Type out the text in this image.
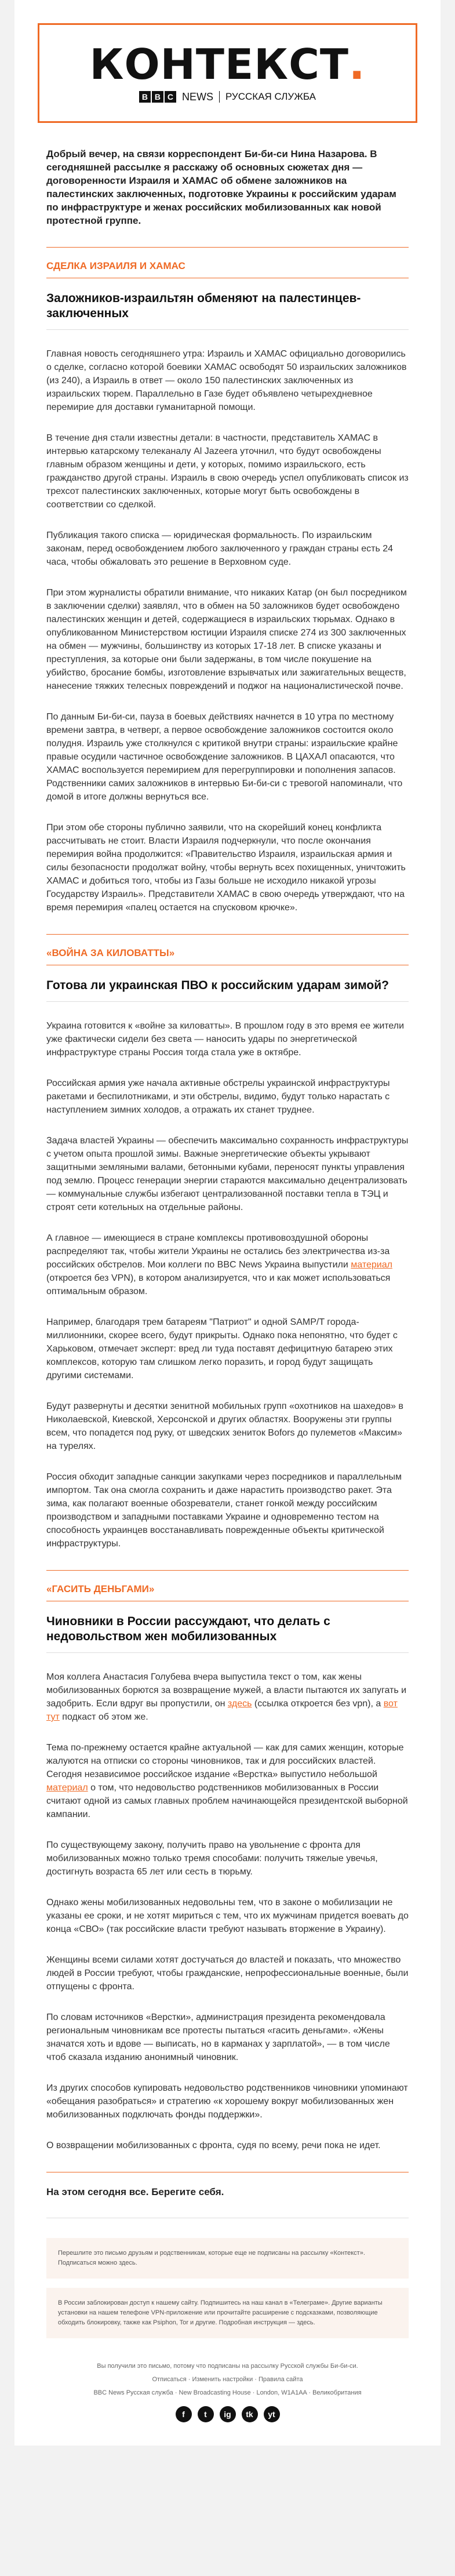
КОНТЕКСТ.
B B C NEWS РУССКАЯ СЛУЖБА

Добрый вечер, на связи корреспондент Би-би-си Нина Назарова. В сегодняшней рассылке я расскажу об основных сюжетах дня — договоренности Израиля и ХАМАС об обмене заложников на палестинских заключенных, подготовке Украины к российским ударам по инфраструктуре и женах российских мобилизованных как новой протестной группе.

СДЕЛКА ИЗРАИЛЯ И ХАМАС
Заложников-израильтян обменяют на палестинцев-заключенных

Главная новость сегодняшнего утра: Израиль и ХАМАС официально договорились о сделке, согласно которой боевики ХАМАС освободят 50 израильских заложников (из 240), а Израиль в ответ — около 150 палестинских заключенных из израильских тюрем. Параллельно в Газе будет объявлено четырехдневное перемирие для доставки гуманитарной помощи.

В течение дня стали известны детали: в частности, представитель ХАМАС в интервью катарскому телеканалу Al Jazeera уточнил, что будут освобождены главным образом женщины и дети, у которых, помимо израильского, есть гражданство другой страны. Израиль в свою очередь успел опубликовать список из трехсот палестинских заключенных, которые могут быть освобождены в соответствии со сделкой.

Публикация такого списка — юридическая формальность. По израильским законам, перед освобождением любого заключенного у граждан страны есть 24 часа, чтобы обжаловать это решение в Верховном суде.

При этом журналисты обратили внимание, что никаких Катар (он был посредником в заключении сделки) заявлял, что в обмен на 50 заложников будет освобождено палестинских женщин и детей, содержащиеся в израильских тюрьмах. Однако в опубликованном Министерством юстиции Израиля списке 274 из 300 заключенных на обмен — мужчины, большинству из которых 17-18 лет. В списке указаны и преступления, за которые они были задержаны, в том числе покушение на убийство, бросание бомбы, изготовление взрывчатых или зажигательных веществ, нанесение тяжких телесных повреждений и поджог на националистической почве.

По данным Би-би-си, пауза в боевых действиях начнется в 10 утра по местному времени завтра, в четверг, а первое освобождение заложников состоится около полудня. Израиль уже столкнулся с критикой внутри страны: израильские крайне правые осудили частичное освобождение заложников. В ЦАХАЛ опасаются, что ХАМАС воспользуется перемирием для перегруппировки и пополнения запасов. Родственники самих заложников в интервью Би-би-си с тревогой напоминали, что домой в итоге должны вернуться все.

При этом обе стороны публично заявили, что на скорейший конец конфликта рассчитывать не стоит. Власти Израиля подчеркнули, что после окончания перемирия война продолжится: «Правительство Израиля, израильская армия и силы безопасности продолжат войну, чтобы вернуть всех похищенных, уничтожить ХАМАС и добиться того, чтобы из Газы больше не исходило никакой угрозы Государству Израиль». Представители ХАМАС в свою очередь утверждают, что на время перемирия «палец остается на спусковом крючке».

«ВОЙНА ЗА КИЛОВАТТЫ»
Готова ли украинская ПВО к российским ударам зимой?

Украина готовится к «войне за киловатты». В прошлом году в это время ее жители уже фактически сидели без света — наносить удары по энергетической инфраструктуре страны Россия тогда стала уже в октябре.

Российская армия уже начала активные обстрелы украинской инфраструктуры ракетами и беспилотниками, и эти обстрелы, видимо, будут только нарастать с наступлением зимних холодов, а отражать их станет труднее.

Задача властей Украины — обеспечить максимально сохранность инфраструктуры с учетом опыта прошлой зимы. Важные энергетические объекты укрывают защитными земляными валами, бетонными кубами, переносят пункты управления под землю. Процесс генерации энергии стараются максимально децентрализовать — коммунальные службы избегают централизованной поставки тепла в ТЭЦ и строят сети котельных на отдельные районы.

А главное — имеющиеся в стране комплексы противовоздушной обороны распределяют так, чтобы жители Украины не остались без электричества из-за российских обстрелов. Мои коллеги по BBC News Украина выпустили материал (откроется без VPN), в котором анализируется, что и как может использоваться оптимальным образом.

Например, благодаря трем батареям "Патриот" и одной SAMP/T города-миллионники, скорее всего, будут прикрыты. Однако пока непонятно, что будет с Харьковом, отмечает эксперт: вред ли туда поставят дефицитную батарею этих комплексов, которую там слишком легко поразить, и город будут защищать другими системами.

Будут развернуты и десятки зенитной мобильных групп «охотников на шахедов» в Николаевской, Киевской, Херсонской и других областях. Вооружены эти группы всем, что попадется под руку, от шведских зениток Bofors до пулеметов «Максим» на турелях.

Россия обходит западные санкции закупками через посредников и параллельным импортом. Так она смогла сохранить и даже нарастить производство ракет. Эта зима, как полагают военные обозреватели, станет гонкой между российским производством и западными поставками Украине и одновременно тестом на способность украинцев восстанавливать поврежденные объекты критической инфраструктуры.

«ГАСИТЬ ДЕНЬГАМИ»
Чиновники в России рассуждают, что делать с недовольством жен мобилизованных

Моя коллега Анастасия Голубева вчера выпустила текст о том, как жены мобилизованных борются за возвращение мужей, а власти пытаются их запугать и задобрить. Если вдруг вы пропустили, он здесь (ссылка откроется без vpn), а вот тут подкаст об этом же.

Тема по-прежнему остается крайне актуальной — как для самих женщин, которые жалуются на отписки со стороны чиновников, так и для российских властей. Сегодня независимое российское издание «Верстка» выпустило небольшой материал о том, что недовольство родственников мобилизованных в России считают одной из самых главных проблем начинающейся президентской выборной кампании.

По существующему закону, получить право на увольнение с фронта для мобилизованных можно только тремя способами: получить тяжелые увечья, достигнуть возраста 65 лет или сесть в тюрьму.

Однако жены мобилизованных недовольны тем, что в законе о мобилизации не указаны ее сроки, и не хотят мириться с тем, что их мужчинам придется воевать до конца «СВО» (так российские власти требуют называть вторжение в Украину).

Женщины всеми силами хотят достучаться до властей и показать, что множество людей в России требуют, чтобы гражданские, непрофессиональные военные, были отпущены с фронта.

По словам источников «Верстки», администрация президента рекомендовала региональным чиновникам все протесты пытаться «гасить деньгами». «Жены значатся хоть и вдове — выписать, но в карманах у зарплатой», — в том числе чтоб сказала изданию анонимный чиновник.

Из других способов купировать недовольство родственников чиновники упоминают «обещания разобраться» и стратегию «к хорошему вокруг мобилизованных жен мобилизованных подключать фонды поддержки».

О возвращении мобилизованных с фронта, судя по всему, речи пока не идет.

На этом сегодня все. Берегите себя.
Перешлите это письмо друзьям и родственникам, которые еще не подписаны на рассылку «Контекст». Подписаться можно здесь.
В России заблокирован доступ к нашему сайту. Подпишитесь на наш канал в «Телеграме». Другие варианты установки на нашем телефоне VPN-приложение или прочитайте расширение с подсказками, позволяющие обходить блокировку, также как Psiphon, Tor и другие. Подробная инструкция — здесь.
Вы получили это письмо, потому что подписаны на рассылку Русской службы Би-би-си.
Отписаться · Изменить настройки · Правила сайта
BBC News Русская служба · New Broadcasting House · London, W1A1AA · Великобритания
f	t	ig	tk	yt
